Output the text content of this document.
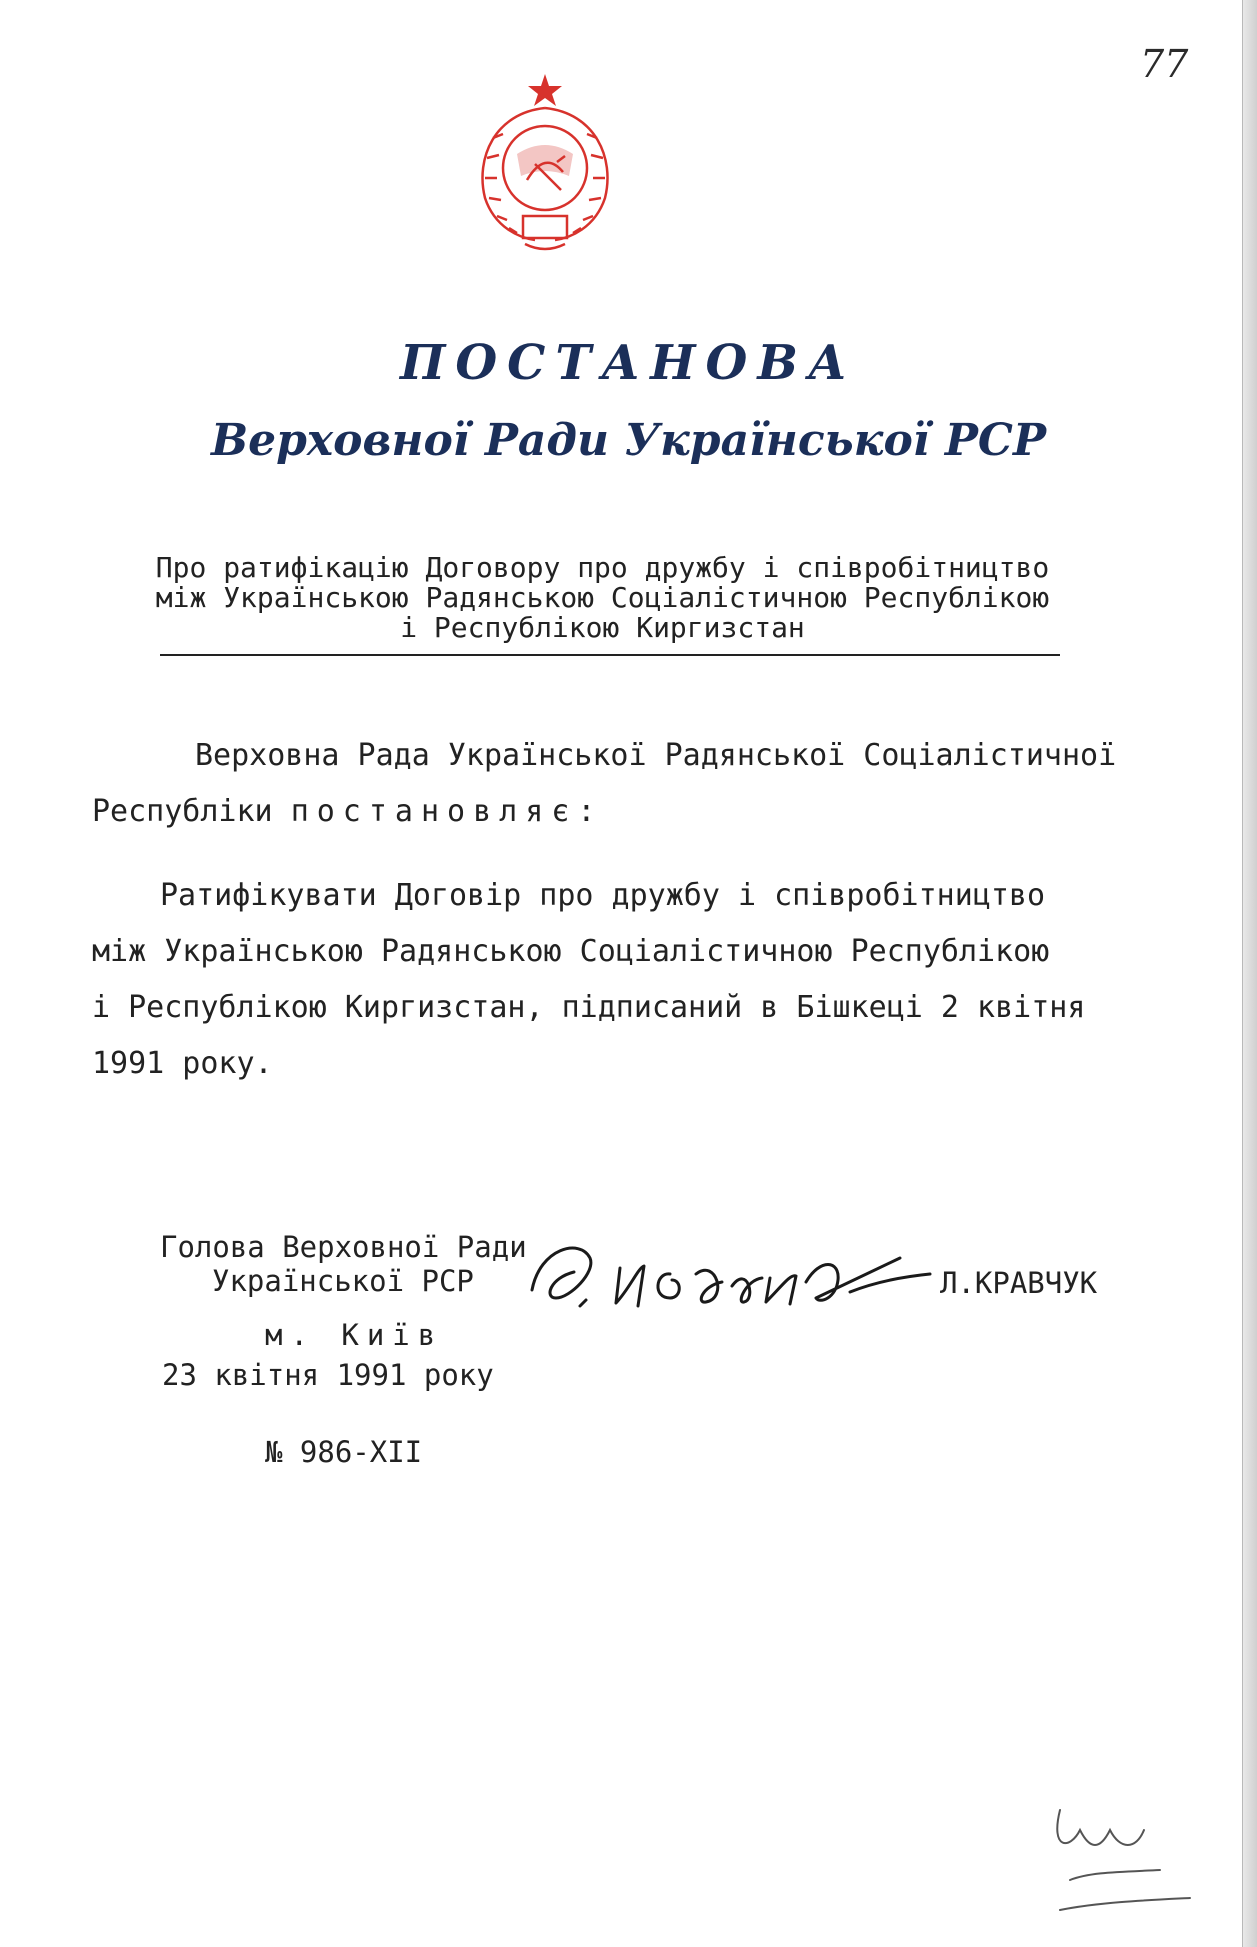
77
ПОСТАНОВА
Верховної Ради Української РСР
Про ратифікацію Договору про дружбу і співробітництво
між Українською Радянською Соціалістичною Республікою
і Республікою Киргизстан
Верховна Рада Української Радянської Соціалістичної
Республіки постановляє:
Ратифікувати Договір про дружбу і співробітництво
між Українською Радянською Соціалістичною Республікою
і Республікою Киргизстан, підписаний в Бішкеці 2 квітня
1991 року.
Голова Верховної Ради
Української РСР	Л.КРАВЧУК
м. Київ
23 квітня 1991 року
№ 986-XII
